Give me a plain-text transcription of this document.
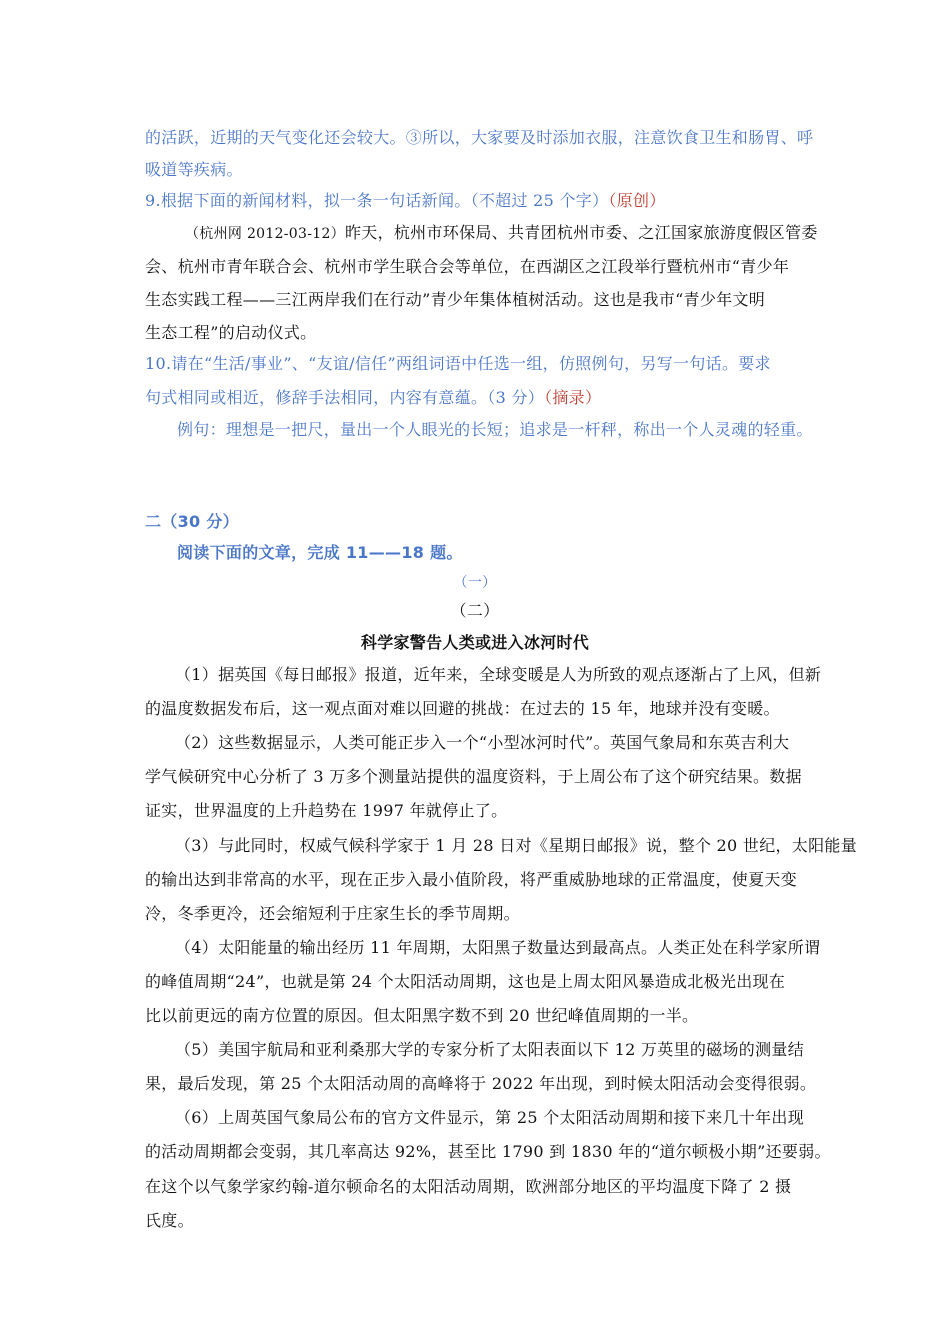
的活跃，近期的天气变化还会较大。③所以，大家要及时添加衣服，注意饮食卫生和肠胃、呼
吸道等疾病。
9.根据下面的新闻材料，拟一条一句话新闻。（不超过 25 个字）（原创）
（杭州网 2012-03-12）昨天，杭州市环保局、共青团杭州市委、之江国家旅游度假区管委
会、杭州市青年联合会、杭州市学生联合会等单位，在西湖区之江段举行暨杭州市“青少年
生态实践工程——三江两岸我们在行动”青少年集体植树活动。这也是我市“青少年文明
生态工程”的启动仪式。
10.请在“生活/事业”、“友谊/信任”两组词语中任选一组，仿照例句，另写一句话。要求
句式相同或相近，修辞手法相同，内容有意蕴。（3 分）（摘录）
例句：理想是一把尺，量出一个人眼光的长短；追求是一杆秤，称出一个人灵魂的轻重。
二（30 分）
阅读下面的文章，完成 11——18 题。
（一）
（二）
科学家警告人类或进入冰河时代
（1）据英国《每日邮报》报道，近年来，全球变暖是人为所致的观点逐渐占了上风，但新
的温度数据发布后，这一观点面对难以回避的挑战：在过去的 15 年，地球并没有变暖。
（2）这些数据显示，人类可能正步入一个“小型冰河时代”。英国气象局和东英吉利大
学气候研究中心分析了 3 万多个测量站提供的温度资料，于上周公布了这个研究结果。数据
证实，世界温度的上升趋势在 1997 年就停止了。
（3）与此同时，权威气候科学家于 1 月 28 日对《星期日邮报》说，整个 20 世纪，太阳能量
的输出达到非常高的水平，现在正步入最小值阶段，将严重威胁地球的正常温度，使夏天变
冷，冬季更冷，还会缩短利于庄家生长的季节周期。
（4）太阳能量的输出经历 11 年周期，太阳黑子数量达到最高点。人类正处在科学家所谓
的峰值周期“24”，也就是第 24 个太阳活动周期，这也是上周太阳风暴造成北极光出现在
比以前更远的南方位置的原因。但太阳黑字数不到 20 世纪峰值周期的一半。
（5）美国宇航局和亚利桑那大学的专家分析了太阳表面以下 12 万英里的磁场的测量结
果，最后发现，第 25 个太阳活动周的高峰将于 2022 年出现，到时候太阳活动会变得很弱。
（6）上周英国气象局公布的官方文件显示，第 25 个太阳活动周期和接下来几十年出现
的活动周期都会变弱，其几率高达 92%，甚至比 1790 到 1830 年的“道尔顿极小期”还要弱。
在这个以气象学家约翰-道尔顿命名的太阳活动周期，欧洲部分地区的平均温度下降了 2 摄
氏度。
